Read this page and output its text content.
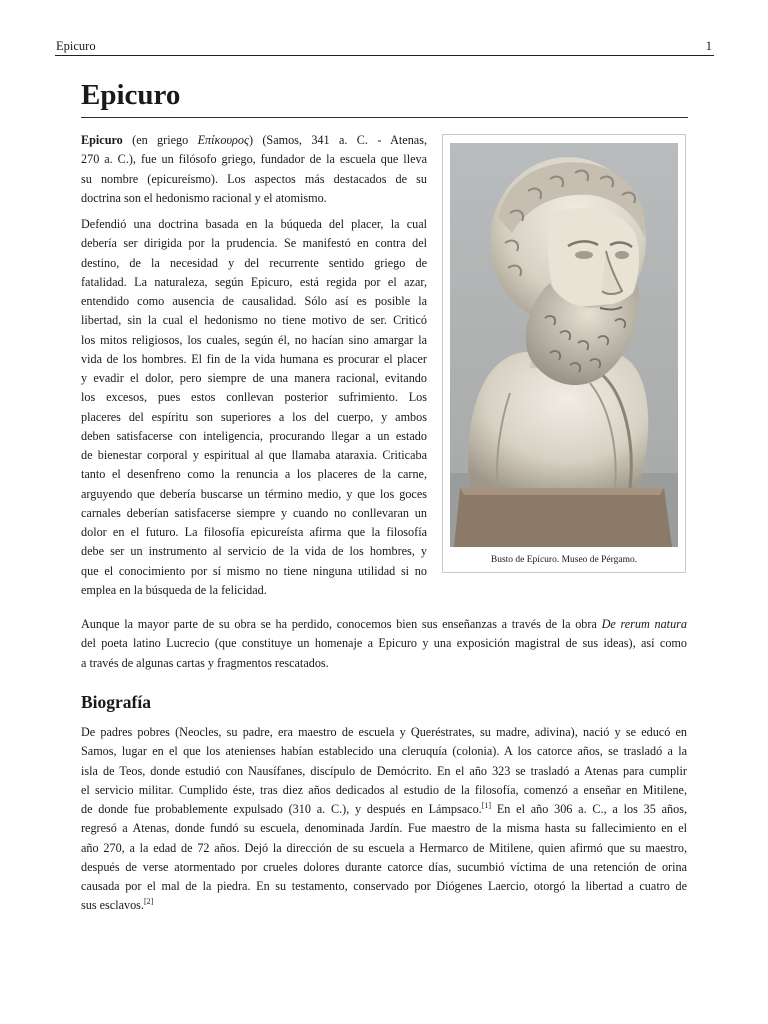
Epicuro	1
Epicuro
Epicuro (en griego Επίκουρος) (Samos, 341 a. C. - Atenas,
270 a. C.), fue un filósofo griego, fundador de la escuela que lleva
su nombre (epicureísmo). Los aspectos más destacados de su
doctrina son el hedonismo racional y el atomismo.
Defendió una doctrina basada en la búqueda del placer, la cual
debería ser dirigida por la prudencia. Se manifestó en contra del
destino, de la necesidad y del recurrente sentido griego de
fatalidad. La naturaleza, según Epicuro, está regida por el azar,
entendido como ausencia de causalidad. Sólo así es posible la
libertad, sin la cual el hedonismo no tiene motivo de ser. Criticó
los mitos religiosos, los cuales, según él, no hacían sino amargar la
vida de los hombres. El fin de la vida humana es procurar el placer
y evadir el dolor, pero siempre de una manera racional, evitando
los excesos, pues estos conllevan posterior sufrimiento. Los
placeres del espíritu son superiores a los del cuerpo, y ambos
deben satisfacerse con inteligencia, procurando llegar a un estado
de bienestar corporal y espiritual al que llamaba ataraxia. Criticaba
tanto el desenfreno como la renuncia a los placeres de la carne,
arguyendo que debería buscarse un término medio, y que los goces
carnales deberían satisfacerse siempre y cuando no conllevaran un
dolor en el futuro. La filosofía epicureísta afirma que la filosofía
debe ser un instrumento al servicio de la vida de los hombres, y
que el conocimiento por sí mismo no tiene ninguna utilidad si no
emplea en la búsqueda de la felicidad.
Busto de Epícuro. Museo de Pérgamo.
Aunque la mayor parte de su obra se ha perdido, conocemos bien sus enseñanzas a través de la obra De rerum natura
del poeta latino Lucrecio (que constituye un homenaje a Epicuro y una exposición magistral de sus ideas), así como
a través de algunas cartas y fragmentos rescatados.
Biografía
De padres pobres (Neocles, su padre, era maestro de escuela y Queréstrates, su madre, adivina), nació y se educó en
Samos, lugar en el que los atenienses habían establecido una cleruquía (colonia). A los catorce años, se trasladó a la
isla de Teos, donde estudió con Nausífanes, discípulo de Demócrito. En el año 323 se trasladó a Atenas para cumplir
el servicio militar. Cumplido éste, tras diez años dedicados al estudio de la filosofía, comenzó a enseñar en Mitilene,
de donde fue probablemente expulsado (310 a. C.), y después en Lámpsaco.[1] En el año 306 a. C., a los 35 años,
regresó a Atenas, donde fundó su escuela, denominada Jardín. Fue maestro de la misma hasta su fallecimiento en el
año 270, a la edad de 72 años. Dejó la dirección de su escuela a Hermarco de Mitilene, quien afirmó que su maestro,
después de verse atormentado por crueles dolores durante catorce días, sucumbió víctima de una retención de orina
causada por el mal de la piedra. En su testamento, conservado por Diógenes Laercio, otorgó la libertad a cuatro de
sus esclavos.[2]
